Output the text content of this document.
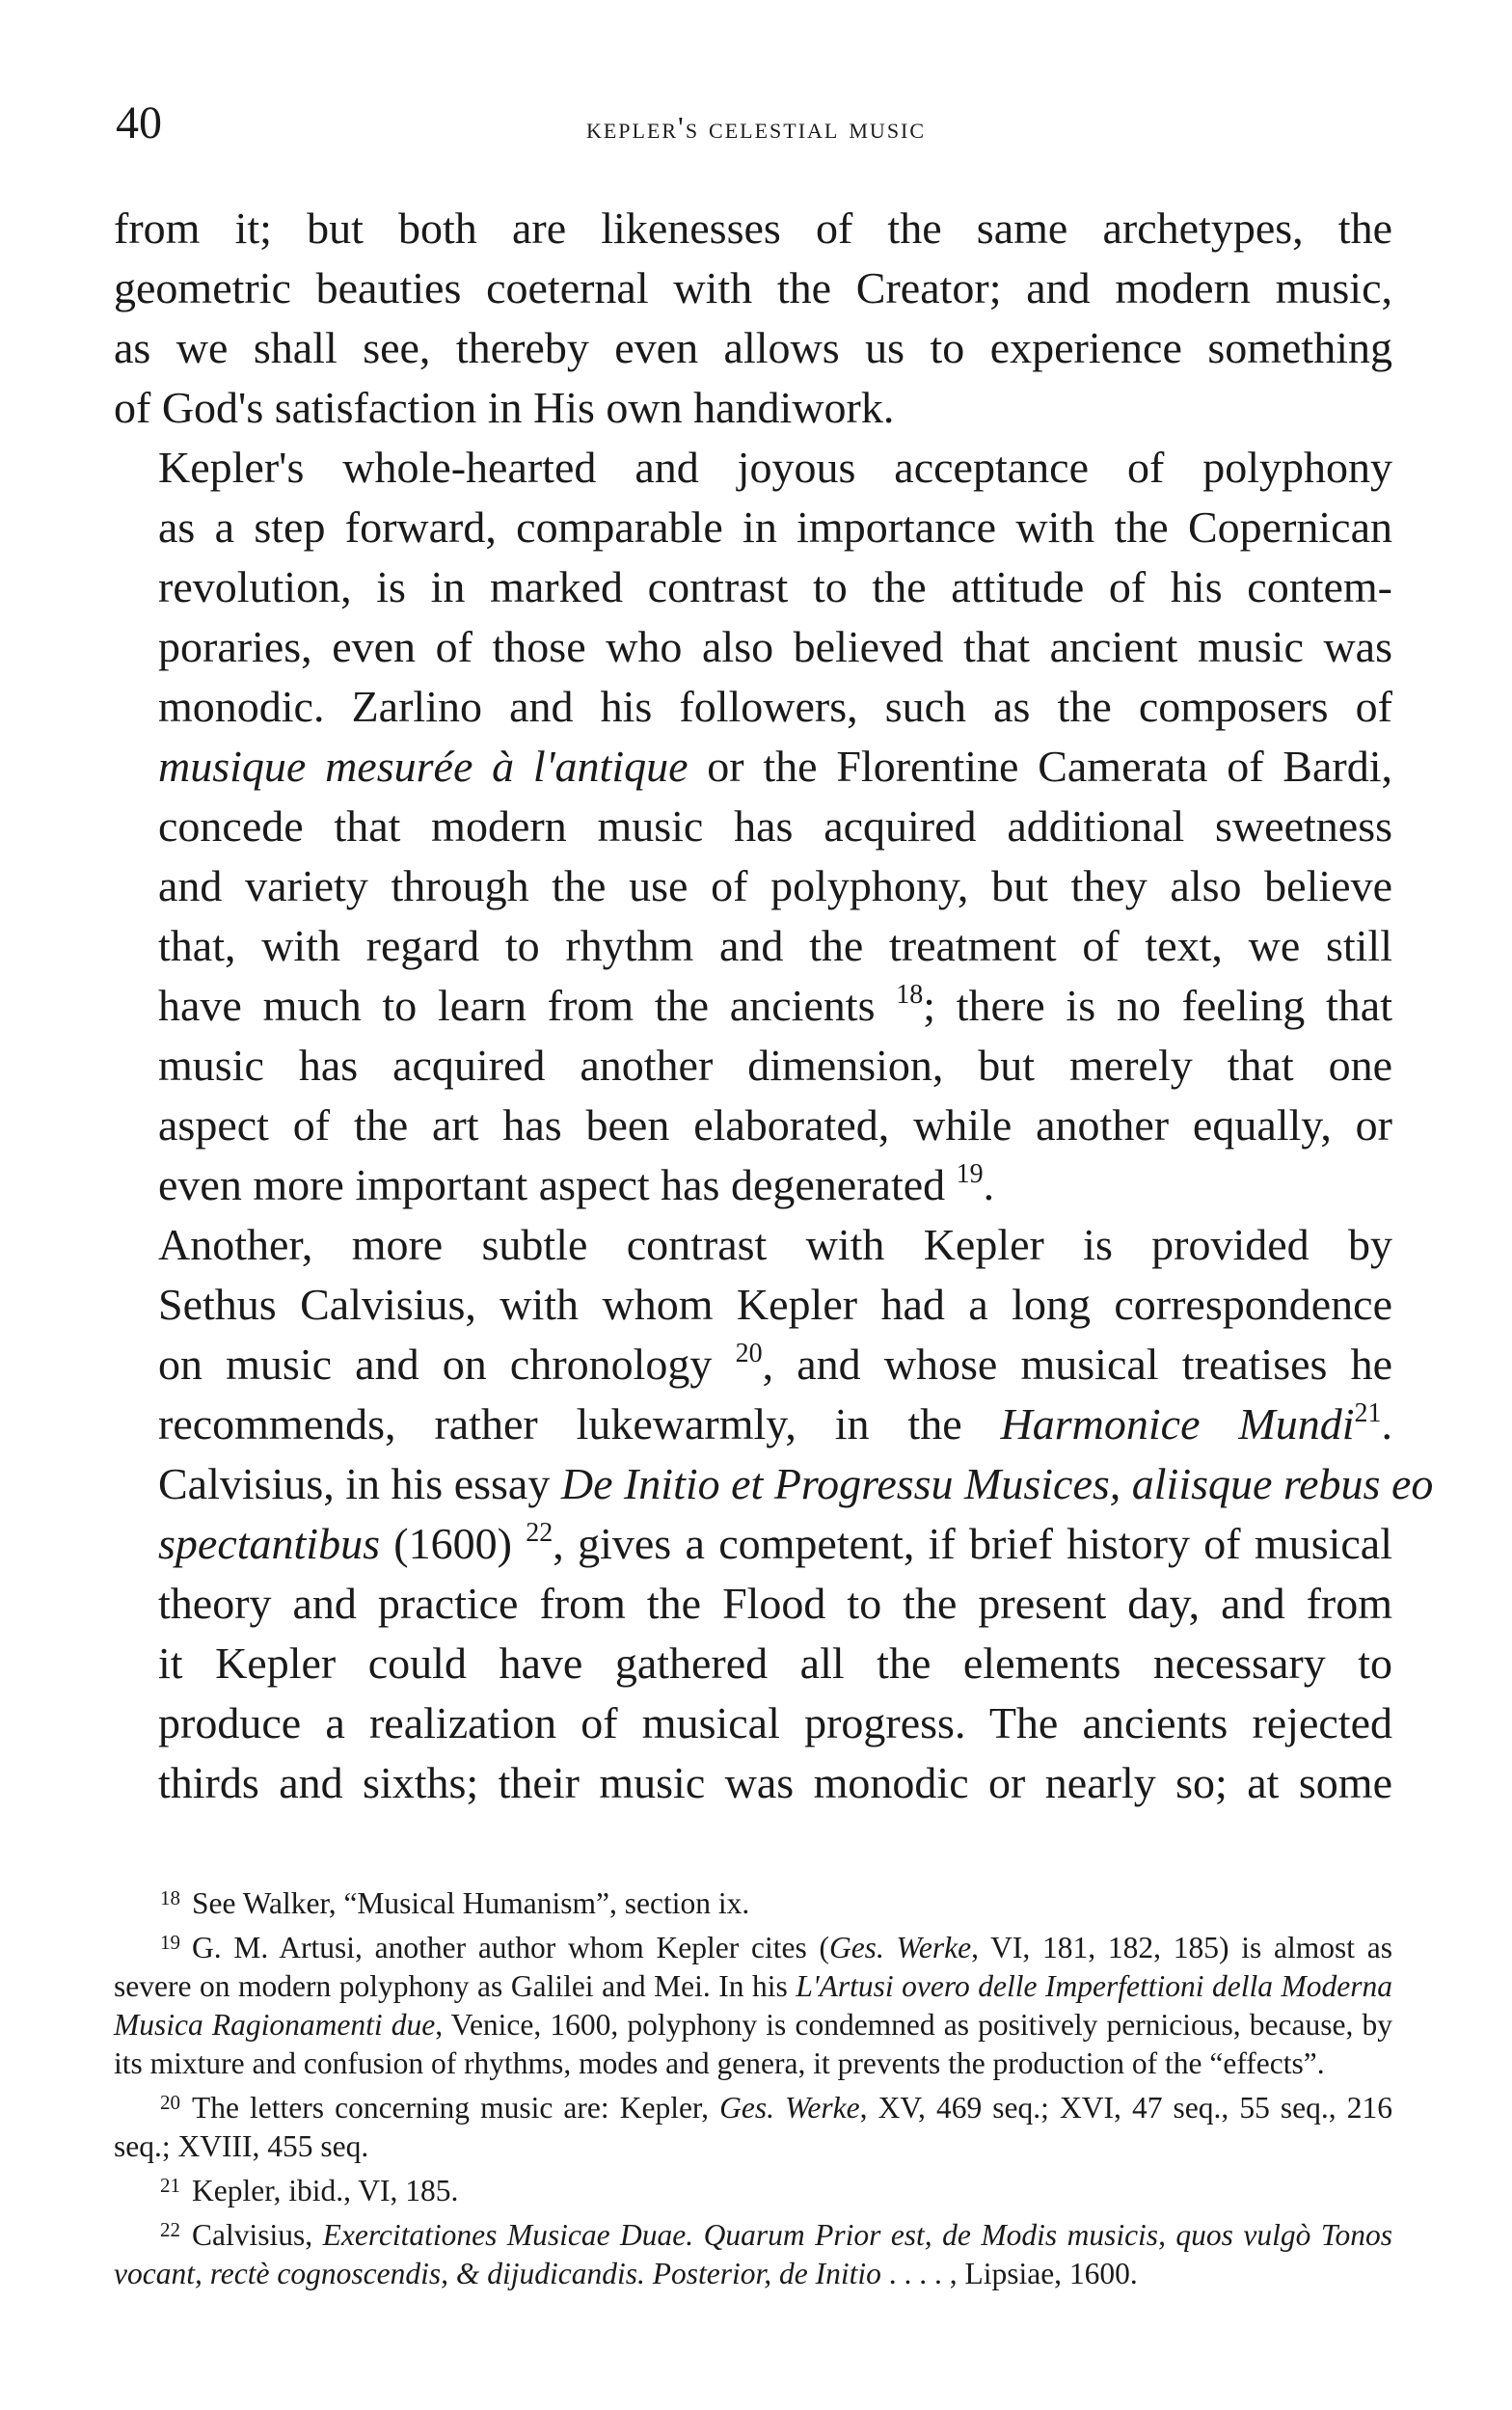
40	kepler's celestial music

from it; but both are likenesses of the same archetypes, the
geometric beauties coeternal with the Creator; and modern music,
as we shall see, thereby even allows us to experience something
of God's satisfaction in His own handiwork.

Kepler's whole-hearted and joyous acceptance of polyphony
as a step forward, comparable in importance with the Copernican
revolution, is in marked contrast to the attitude of his contem-
poraries, even of those who also believed that ancient music was
monodic. Zarlino and his followers, such as the composers of
musique mesurée à l'antique or the Florentine Camerata of Bardi,
concede that modern music has acquired additional sweetness
and variety through the use of polyphony, but they also believe
that, with regard to rhythm and the treatment of text, we still
have much to learn from the ancients $^{18}$; there is no feeling that
music has acquired another dimension, but merely that one
aspect of the art has been elaborated, while another equally, or
even more important aspect has degenerated $^{19}$.

Another, more subtle contrast with Kepler is provided by
Sethus Calvisius, with whom Kepler had a long correspondence
on music and on chronology $^{20}$, and whose musical treatises he
recommends, rather lukewarmly, in the Harmonice Mundi$^{21}$.
Calvisius, in his essay De Initio et Progressu Musices, aliisque rebus eo
spectantibus (1600) $^{22}$, gives a competent, if brief history of musical
theory and practice from the Flood to the present day, and from
it Kepler could have gathered all the elements necessary to
produce a realization of musical progress. The ancients rejected
thirds and sixths; their music was monodic or nearly so; at some

$^{18}$ See Walker, “Musical Humanism”, section ix.

$^{19}$ G. M. Artusi, another author whom Kepler cites (Ges. Werke, VI, 181, 182, 185) is almost as severe on modern polyphony as Galilei and Mei. In his L'Artusi overo delle Imperfettioni della Moderna Musica Ragionamenti due, Venice, 1600, polyphony is condemned as positively pernicious, because, by its mixture and confusion of rhythms, modes and genera, it prevents the production of the “effects”.

$^{20}$ The letters concerning music are: Kepler, Ges. Werke, XV, 469 seq.; XVI, 47 seq., 55 seq., 216 seq.; XVIII, 455 seq.

$^{21}$ Kepler, ibid., VI, 185.

$^{22}$ Calvisius, Exercitationes Musicae Duae. Quarum Prior est, de Modis musicis, quos vulgò Tonos vocant, rectè cognoscendis, & dijudicandis. Posterior, de Initio . . . . , Lipsiae, 1600.
